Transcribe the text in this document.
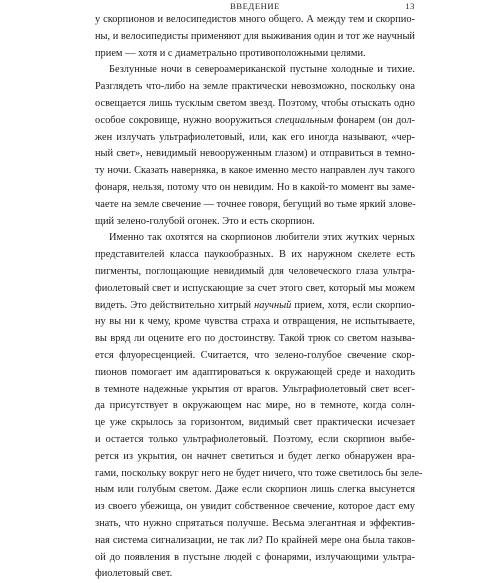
ВВЕДЕНИЕ	13
у скорпионов и велосипедистов много общего. А между тем и скорпио-
ны, и велосипедисты применяют для выживания один и тот же научный
прием — хотя и с диаметрально противоположными целями.
Безлунные ночи в североамериканской пустыне холодные и тихие.
Разглядеть что-либо на земле практически невозможно, поскольку она
освещается лишь тусклым светом звезд. Поэтому, чтобы отыскать одно
особое сокровище, нужно вооружиться специальным фонарем (он дол-
жен излучать ультрафиолетовый, или, как его иногда называют, «чер-
ный свет», невидимый невооруженным глазом) и отправиться в темно-
ту ночи. Сказать наверняка, в какое именно место направлен луч такого
фонаря, нельзя, потому что он невидим. Но в какой-то момент вы заме-
чаете на земле свечение — точнее говоря, бегущий во тьме яркий злове-
щий зелено-голубой огонек. Это и есть скорпион.
Именно так охотятся на скорпионов любители этих жутких черных
представителей класса паукообразных. В их наружном скелете есть
пигменты, поглощающие невидимый для человеческого глаза ультра-
фиолетовый свет и испускающие за счет этого свет, который мы можем
видеть. Это действительно хитрый научный прием, хотя, если скорпио-
ну вы ни к чему, кроме чувства страха и отвращения, не испытываете,
вы вряд ли оцените его по достоинству. Такой трюк со светом называ-
ется флуоресценцией. Считается, что зелено-голубое свечение скор-
пионов помогает им адаптироваться к окружающей среде и находить
в темноте надежные укрытия от врагов. Ультрафиолетовый свет всег-
да присутствует в окружающем нас мире, но в темноте, когда солн-
це уже скрылось за горизонтом, видимый свет практически исчезает
и остается только ультрафиолетовый. Поэтому, если скорпион выбе-
рется из укрытия, он начнет светиться и будет легко обнаружен вра-
гами, поскольку вокруг него не будет ничего, что тоже светилось бы зеле-
ным или голубым светом. Даже если скорпион лишь слегка высунется
из своего убежища, он увидит собственное свечение, которое даст ему
знать, что нужно спрятаться получше. Весьма элегантная и эффектив-
ная система сигнализации, не так ли? По крайней мере она была таков-
ой до появления в пустыне людей с фонарями, излучающими ультра-
фиолетовый свет.
